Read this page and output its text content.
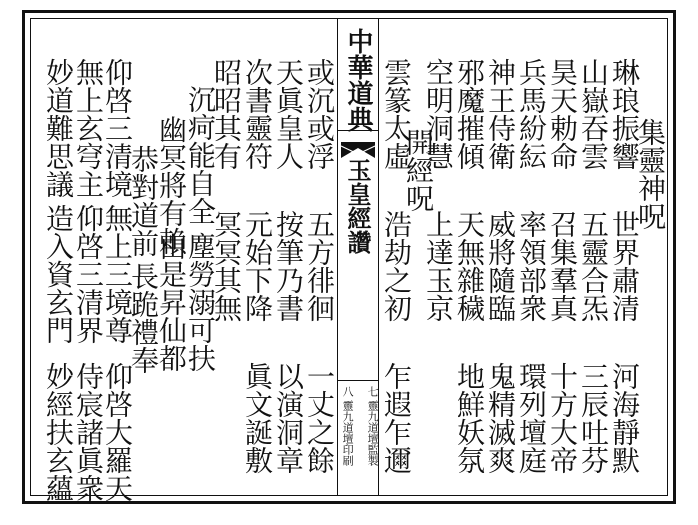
中華道典
玉皇經讚
七
靈九道壇監製
八
靈九道壇印刷
集靈神呪
琳琅振響
世界肅清
河海靜默
山嶽吞雲
五靈合炁
三辰吐芬
昊天勅命
召集羣真
十方大帝
兵馬紛紜
率領部衆
環列壇庭
神王侍衛
威將隨臨
鬼精滅爽
邪魔摧傾
天無雜穢
地鮮妖氛
空明洞慧
上達玉京
開經呪
雲篆太虛
浩劫之初
乍遐乍邇
或沉或浮
五方徘徊
一丈之餘
天眞皇人
按筆乃書
以演洞章
次書靈符
元始下降
眞文誕敷
昭昭其有
冥冥其無
沉疴能自全
塵勞溺可扶
幽冥將有賴
由是昇仙都
恭對道前
長跪禮奉
仰啓三清境
無上三境尊
仰啓大羅天
無上玄穹主
仰啓三清界
侍宸諸眞衆
妙道難思議
造入資玄門
妙經扶玄蘊
